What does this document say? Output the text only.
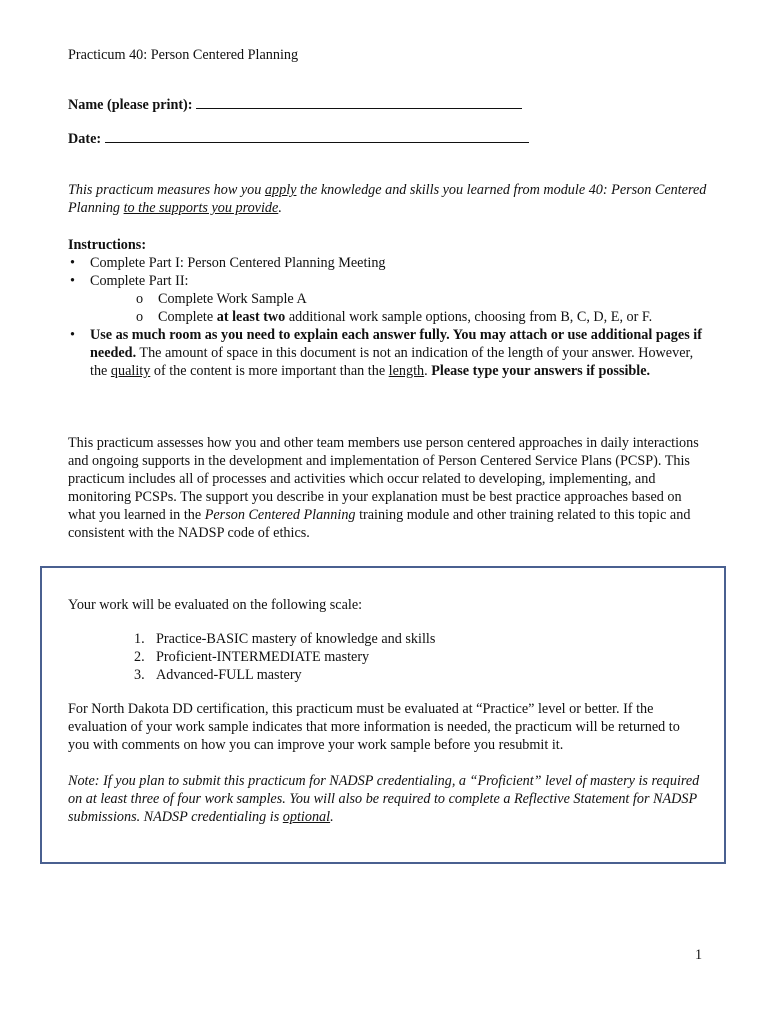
Practicum 40: Person Centered Planning
Name (please print):
Date:
This practicum measures how you apply the knowledge and skills you learned from module 40: Person Centered Planning to the supports you provide.
Instructions:
• Complete Part I: Person Centered Planning Meeting
• Complete Part II:
o Complete Work Sample A
o Complete at least two additional work sample options, choosing from B, C, D, E, or F.
• Use as much room as you need to explain each answer fully. You may attach or use additional pages if needed. The amount of space in this document is not an indication of the length of your answer. However, the quality of the content is more important than the length. Please type your answers if possible.
This practicum assesses how you and other team members use person centered approaches in daily interactions and ongoing supports in the development and implementation of Person Centered Service Plans (PCSP). This practicum includes all of processes and activities which occur related to developing, implementing, and monitoring PCSPs. The support you describe in your explanation must be best practice approaches based on what you learned in the Person Centered Planning training module and other training related to this topic and consistent with the NADSP code of ethics.
Your work will be evaluated on the following scale:
1. Practice-BASIC mastery of knowledge and skills
2. Proficient-INTERMEDIATE mastery
3. Advanced-FULL mastery
For North Dakota DD certification, this practicum must be evaluated at “Practice” level or better. If the evaluation of your work sample indicates that more information is needed, the practicum will be returned to you with comments on how you can improve your work sample before you resubmit it.
Note: If you plan to submit this practicum for NADSP credentialing, a “Proficient” level of mastery is required on at least three of four work samples. You will also be required to complete a Reflective Statement for NADSP submissions. NADSP credentialing is optional.
1
